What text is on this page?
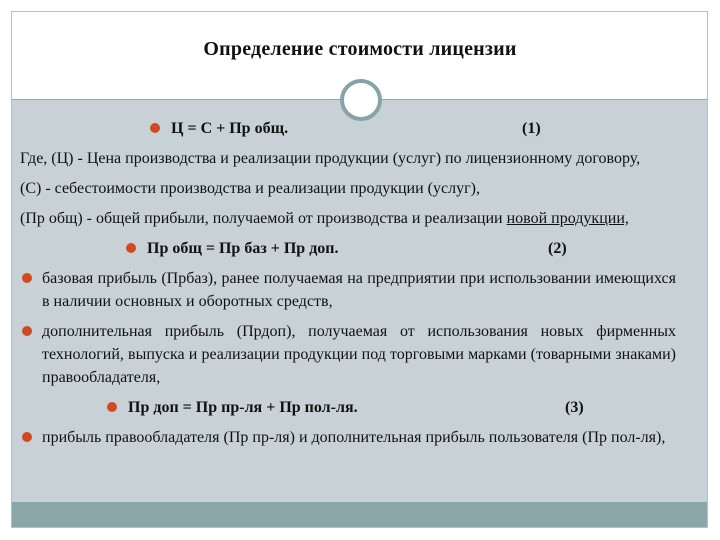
Определение стоимости лицензии
Ц = С + Пр общ.	(1)

Где, (Ц) - Цена производства и реализации продукции (услуг) по лицензионному договору,

(С) - себестоимости производства и реализации продукции (услуг),

(Пр общ) - общей прибыли, получаемой от производства и реализации новой продукции,

Пр общ = Пр баз + Пр доп.	(2)
базовая прибыль (Прбаз), ранее получаемая на предприятии при использовании имеющихся в наличии основных и оборотных средств,
дополнительная прибыль (Прдоп), получаемая от использования новых фирменных технологий, выпуска и реализации продукции под торговыми марками (товарными знаками) правообладателя,
Пр доп = Пр пр-ля + Пр пол-ля.	(3)
прибыль правообладателя (Пр пр-ля) и дополнительная прибыль пользователя (Пр пол-ля),
